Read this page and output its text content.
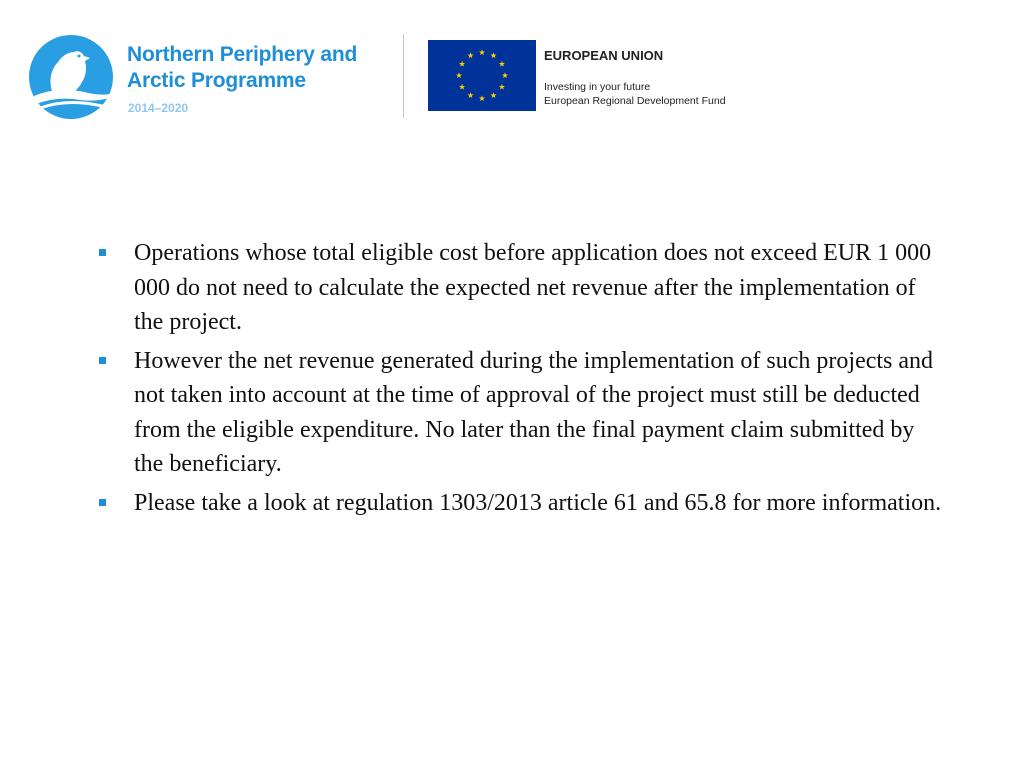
Northern Periphery and
Arctic Programme
2014–2020
EUROPEAN UNION
Investing in your future
European Regional Development Fund
Operations whose total eligible cost before application does not exceed EUR 1 000 000 do not need to calculate the expected net revenue after the implementation of the project.
However the net revenue generated during the implementation of such projects and not taken into account at the time of approval of the project must still be deducted from the eligible expenditure. No later than the final payment claim submitted by the beneficiary.
Please take a look at regulation 1303/2013 article 61 and 65.8 for more information.
